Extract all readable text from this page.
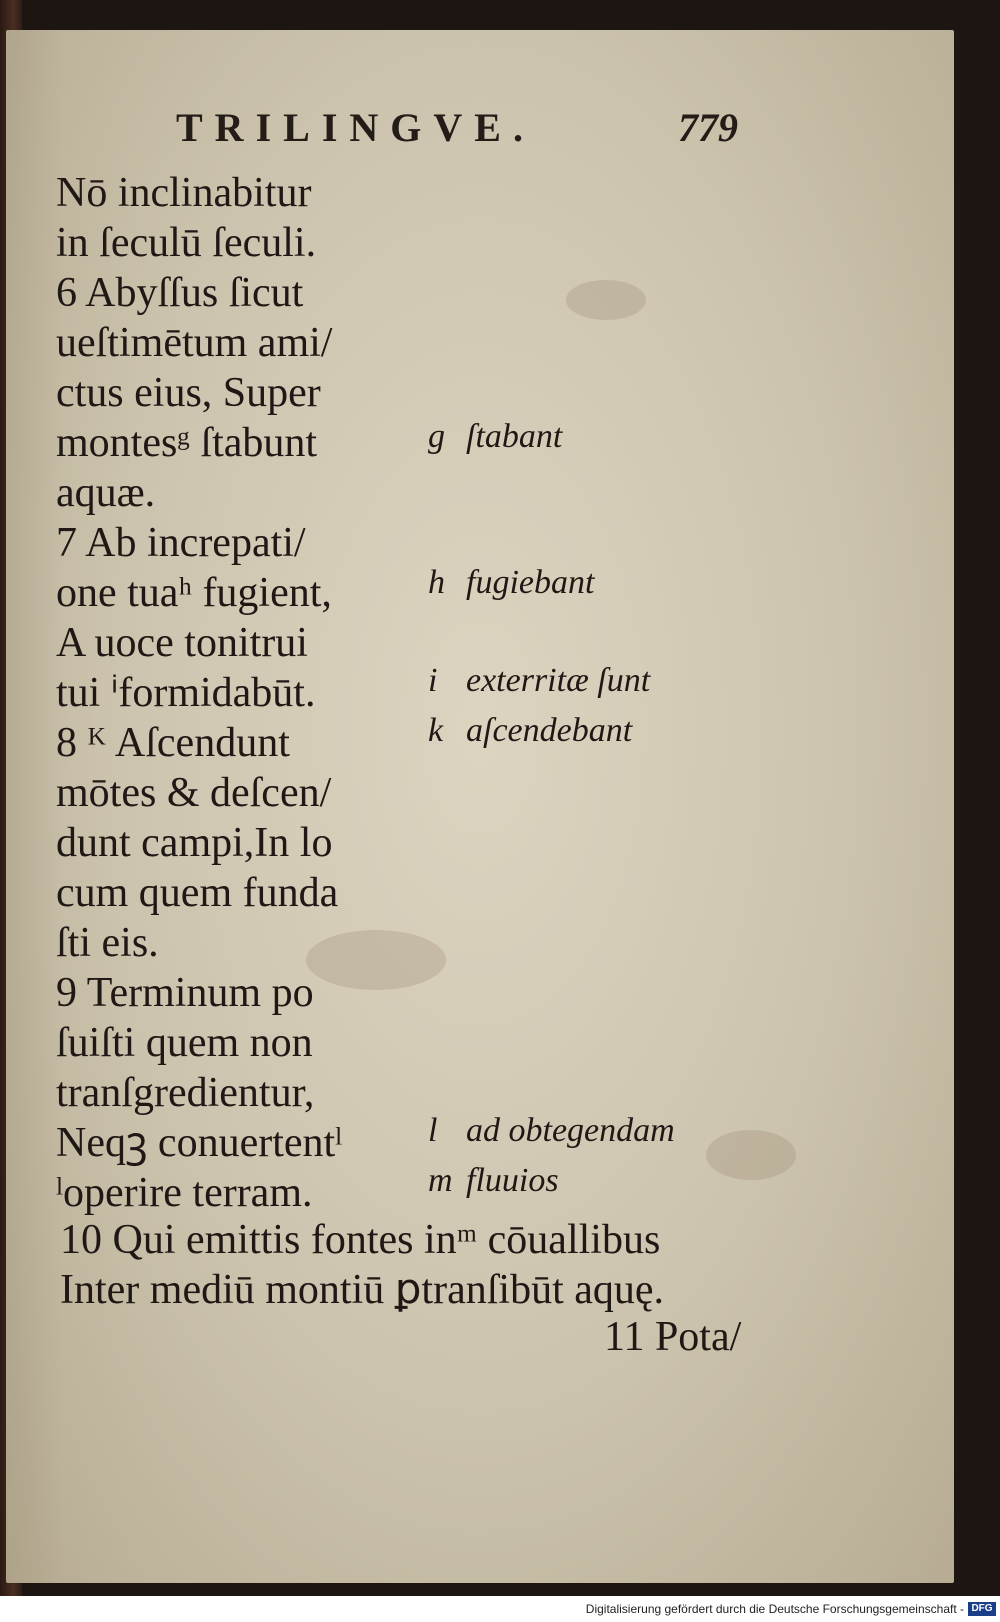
TRILINGVE.	779
Nō inclinabitur
in ſeculū ſeculi.
6 Abyſſus ſicut
ueſtimētum ami/
ctus eius, Super
montesᵍ ſtabunt
aquæ.
7 Ab increpati/
one tuaʰ fugient,
A uoce tonitrui
tui ⁱformidabūt.
8 ᴷ Aſcendunt
mōtes & deſcen/
dunt campi,In lo
cum quem funda
ſti eis.
9 Terminum po
ſuiſti quem non
tranſgredientur,
Neqꝫ conuertentˡ
ˡoperire terram.
g ſtabant
h fugiebant
i exterritæ ſunt
k aſcendebant
l ad obtegendam
m fluuios
10 Qui emittis fontes inᵐ cōuallibus
Inter mediū montiū ꝑtranſibūt aquę.
11 Pota/
Digitalisierung gefördert durch die Deutsche Forschungsgemeinschaft - DFG
